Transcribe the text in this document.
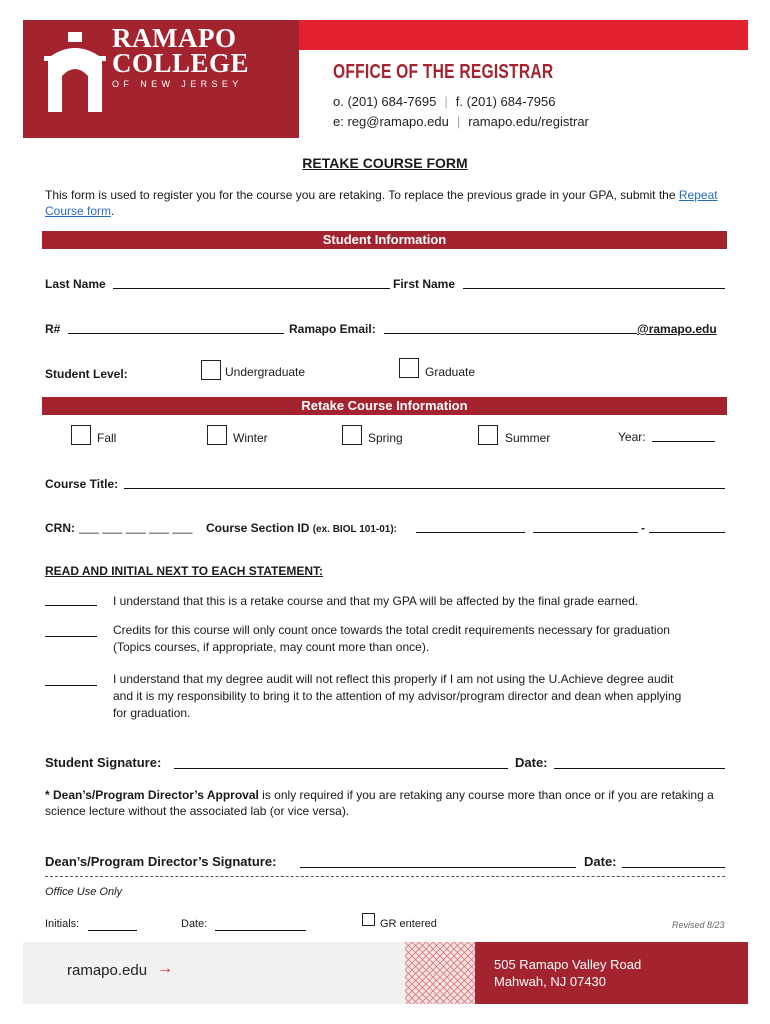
RAMAPO
COLLEGE
OF NEW JERSEY
OFFICE OF THE REGISTRAR
o. (201) 684-7695 | f. (201) 684-7956
e: reg@ramapo.edu | ramapo.edu/registrar
RETAKE COURSE FORM
This form is used to register you for the course you are retaking. To replace the previous grade in your GPA, submit the Repeat Course form.
Student Information
Last Name	First Name
R#	Ramapo Email:	@ramapo.edu
Student Level:	Undergraduate	Graduate
Retake Course Information
Fall	Winter	Spring	Summer	Year:
Course Title:
CRN: ___ ___ ___ ___ ___ Course Section ID (ex. BIOL 101-01):	-
READ AND INITIAL NEXT TO EACH STATEMENT:
I understand that this is a retake course and that my GPA will be affected by the final grade earned.
Credits for this course will only count once towards the total credit requirements necessary for graduation
(Topics courses, if appropriate, may count more than once).
I understand that my degree audit will not reflect this properly if I am not using the U.Achieve degree audit
and it is my responsibility to bring it to the attention of my advisor/program director and dean when applying
for graduation.
Student Signature:	Date:
* Dean’s/Program Director’s Approval is only required if you are retaking any course more than once or if you are retaking a science lecture without the associated lab (or vice versa).
Dean’s/Program Director’s Signature:	Date:
Office Use Only
Initials:	Date:	GR entered	Revised 8/23
ramapo.edu →	505 Ramapo Valley Road
Mahwah, NJ 07430
